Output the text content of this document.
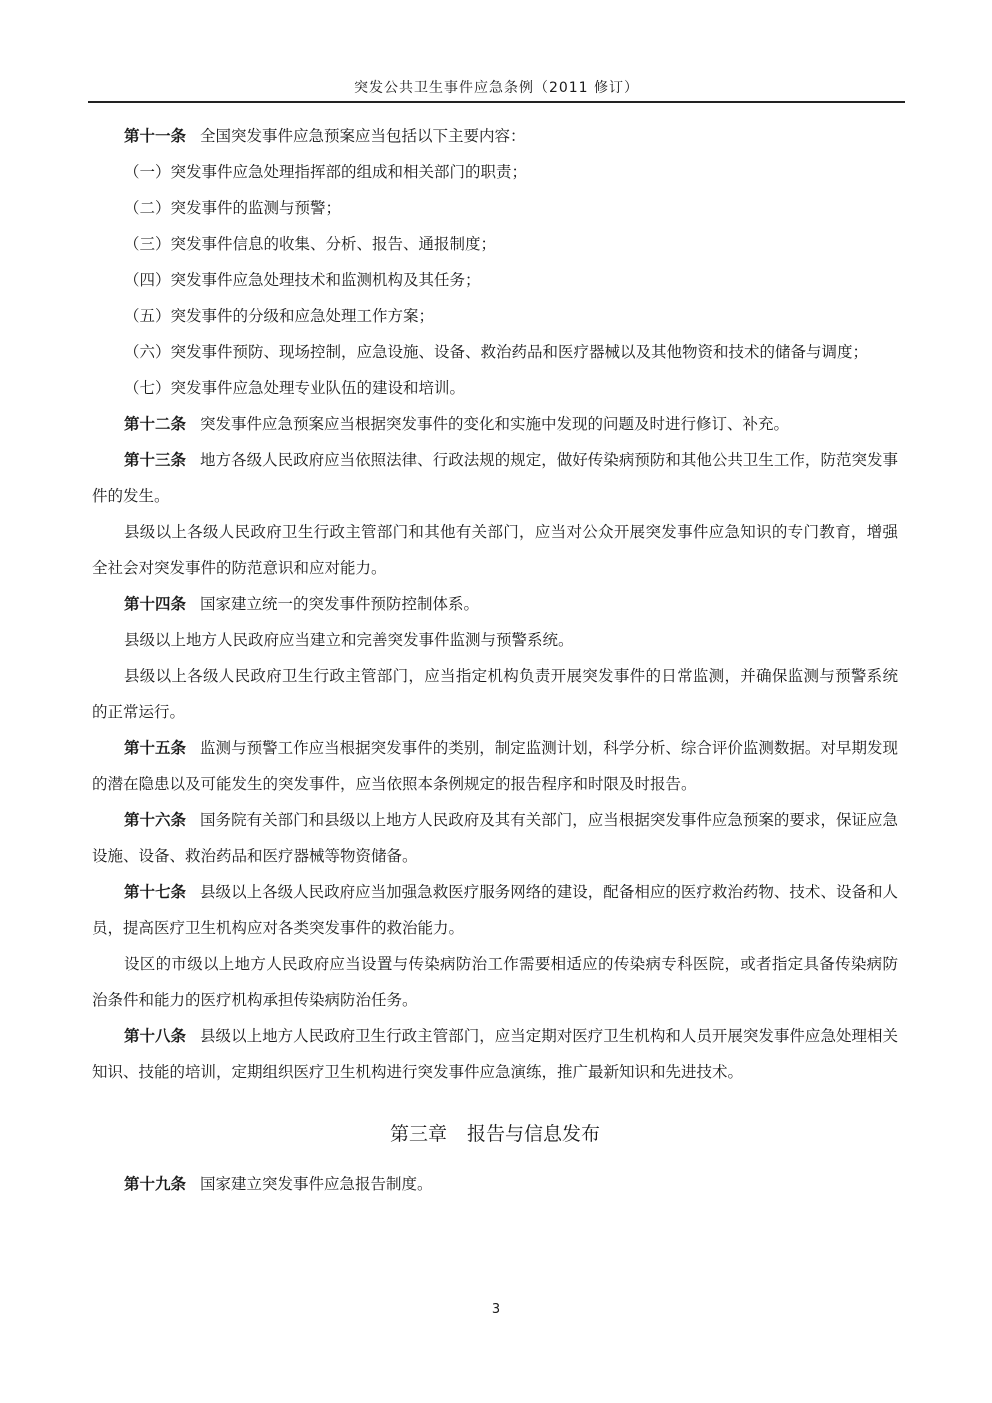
突发公共卫生事件应急条例（2011 修订）

第十一条 全国突发事件应急预案应当包括以下主要内容：

（一）突发事件应急处理指挥部的组成和相关部门的职责；

（二）突发事件的监测与预警；

（三）突发事件信息的收集、分析、报告、通报制度；

（四）突发事件应急处理技术和监测机构及其任务；

（五）突发事件的分级和应急处理工作方案；

（六）突发事件预防、现场控制，应急设施、设备、救治药品和医疗器械以及其他物资和技术的储备与调度；

（七）突发事件应急处理专业队伍的建设和培训。

第十二条 突发事件应急预案应当根据突发事件的变化和实施中发现的问题及时进行修订、补充。

第十三条 地方各级人民政府应当依照法律、行政法规的规定，做好传染病预防和其他公共卫生工作，防范突发事件的发生。

县级以上各级人民政府卫生行政主管部门和其他有关部门，应当对公众开展突发事件应急知识的专门教育，增强全社会对突发事件的防范意识和应对能力。

第十四条 国家建立统一的突发事件预防控制体系。

县级以上地方人民政府应当建立和完善突发事件监测与预警系统。

县级以上各级人民政府卫生行政主管部门，应当指定机构负责开展突发事件的日常监测，并确保监测与预警系统的正常运行。

第十五条 监测与预警工作应当根据突发事件的类别，制定监测计划，科学分析、综合评价监测数据。对早期发现的潜在隐患以及可能发生的突发事件，应当依照本条例规定的报告程序和时限及时报告。

第十六条 国务院有关部门和县级以上地方人民政府及其有关部门，应当根据突发事件应急预案的要求，保证应急设施、设备、救治药品和医疗器械等物资储备。

第十七条 县级以上各级人民政府应当加强急救医疗服务网络的建设，配备相应的医疗救治药物、技术、设备和人员，提高医疗卫生机构应对各类突发事件的救治能力。

设区的市级以上地方人民政府应当设置与传染病防治工作需要相适应的传染病专科医院，或者指定具备传染病防治条件和能力的医疗机构承担传染病防治任务。

第十八条 县级以上地方人民政府卫生行政主管部门，应当定期对医疗卫生机构和人员开展突发事件应急处理相关知识、技能的培训，定期组织医疗卫生机构进行突发事件应急演练，推广最新知识和先进技术。

第三章 报告与信息发布

第十九条 国家建立突发事件应急报告制度。

3
